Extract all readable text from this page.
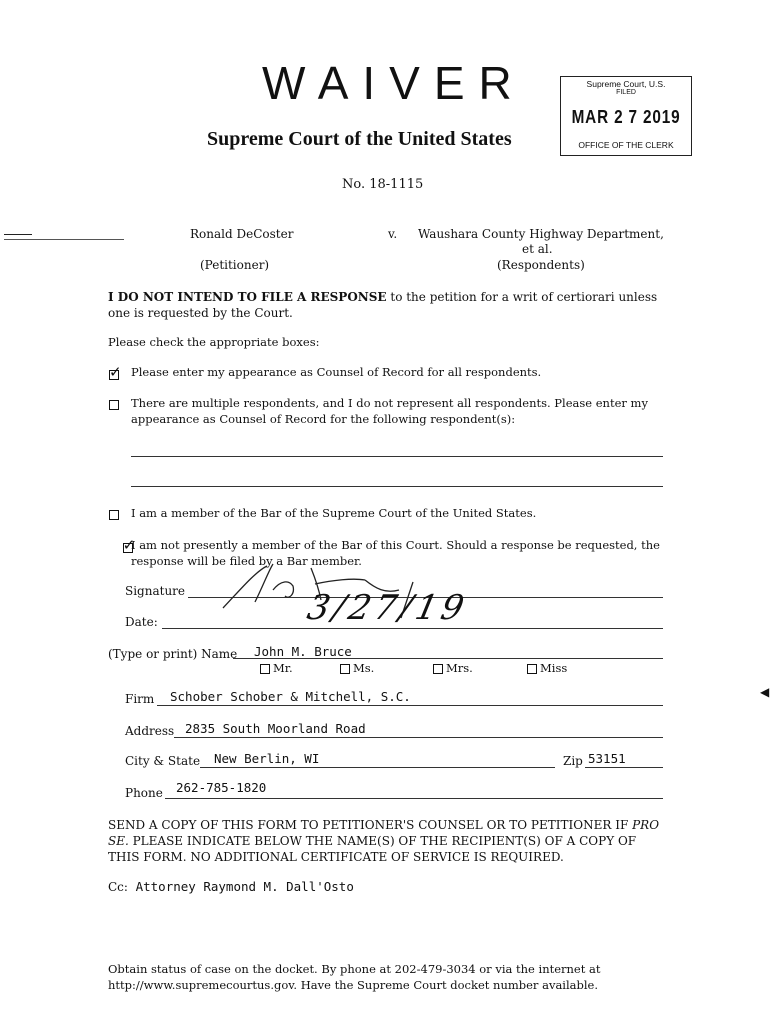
WAIVER	Supreme Court, U.S.
FILED
MAR 2 7 2019
OFFICE OF THE CLERK
Supreme Court of the United States
No. 18-1115
Ronald DeCoster	v. Waushara County Highway Department,
et al.
(Petitioner)	(Respondents)
I DO NOT INTEND TO FILE A RESPONSE to the petition for a writ of certiorari unless one is requested by the Court.
Please check the appropriate boxes:
✓
Please enter my appearance as Counsel of Record for all respondents.
There are multiple respondents, and I do not represent all respondents. Please enter my appearance as Counsel of Record for the following respondent(s):
I am a member of the Bar of the Supreme Court of the United States.
✓
I am not presently a member of the Bar of this Court. Should a response be requested, the response will be filed by a Bar member.
Signature
Date:	3/27/19
(Type or print) Name John M. Bruce
Mr.	Ms.	Mrs.	Miss
Firm Schober Schober & Mitchell, S.C.
Address 2835 South Moorland Road
City & State New Berlin, WI	Zip 53151
Phone 262-785-1820
SEND A COPY OF THIS FORM TO PETITIONER'S COUNSEL OR TO PETITIONER IF PRO SE. PLEASE INDICATE BELOW THE NAME(S) OF THE RECIPIENT(S) OF A COPY OF THIS FORM. NO ADDITIONAL CERTIFICATE OF SERVICE IS REQUIRED.
Cc: Attorney Raymond M. Dall'Osto
Obtain status of case on the docket. By phone at 202-479-3034 or via the internet at http://www.supremecourtus.gov. Have the Supreme Court docket number available.
◀
